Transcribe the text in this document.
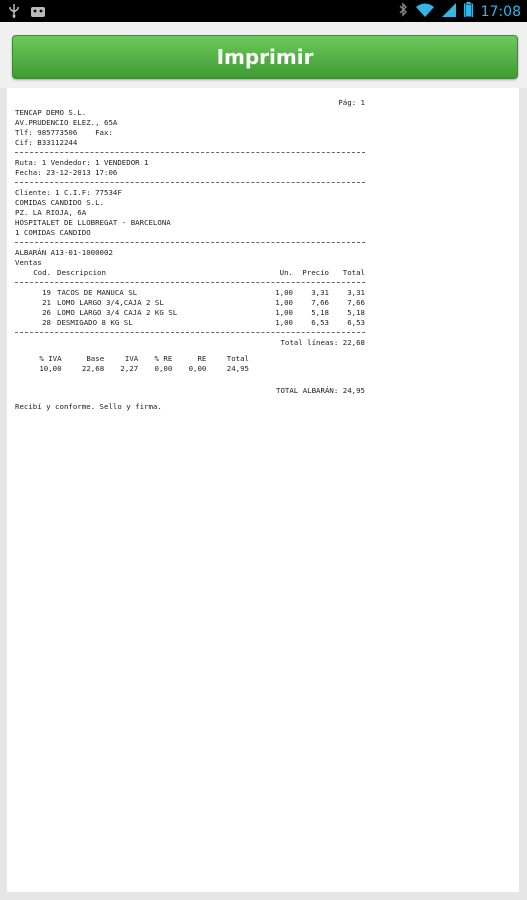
17:08
Imprimir
Pág: 1
TENCAP DEMO S.L.
AV.PRUDENCIO ELEZ., 65A
Tlf: 985773506    Fax:
Cif: B33112244
Ruta: 1 Vendedor: 1 VENDEDOR 1
Fecha: 23-12-2013 17:06
Cliente: 1 C.I.F: 77534F
COMIDAS CANDIDO S.L.
PZ. LA RIOJA, 6A
HOSPITALET DE LLOBREGAT - BARCELONA
1 COMIDAS CANDIDO
ALBARÁN A13-01-1000002
Ventas
Cod.	Descripcion	Un.	Precio	Total
19	TACOS DE MANUCA SL	1,00	3,31	3,31
21	LOMO LARGO 3/4,CAJA 2 SL	1,00	7,66	7,66
26	LOMO LARGO 3/4 CAJA 2 KG SL	1,00	5,18	5,18
28	DESMIGADO 8 KG SL	1,00	6,53	6,53
Total líneas: 22,68
% IVA	Base	IVA	% RE	RE	Total
10,00	22,68	2,27	0,00	0,00	24,95
TOTAL ALBARÁN: 24,95
Recibí y conforme. Sello y firma.
